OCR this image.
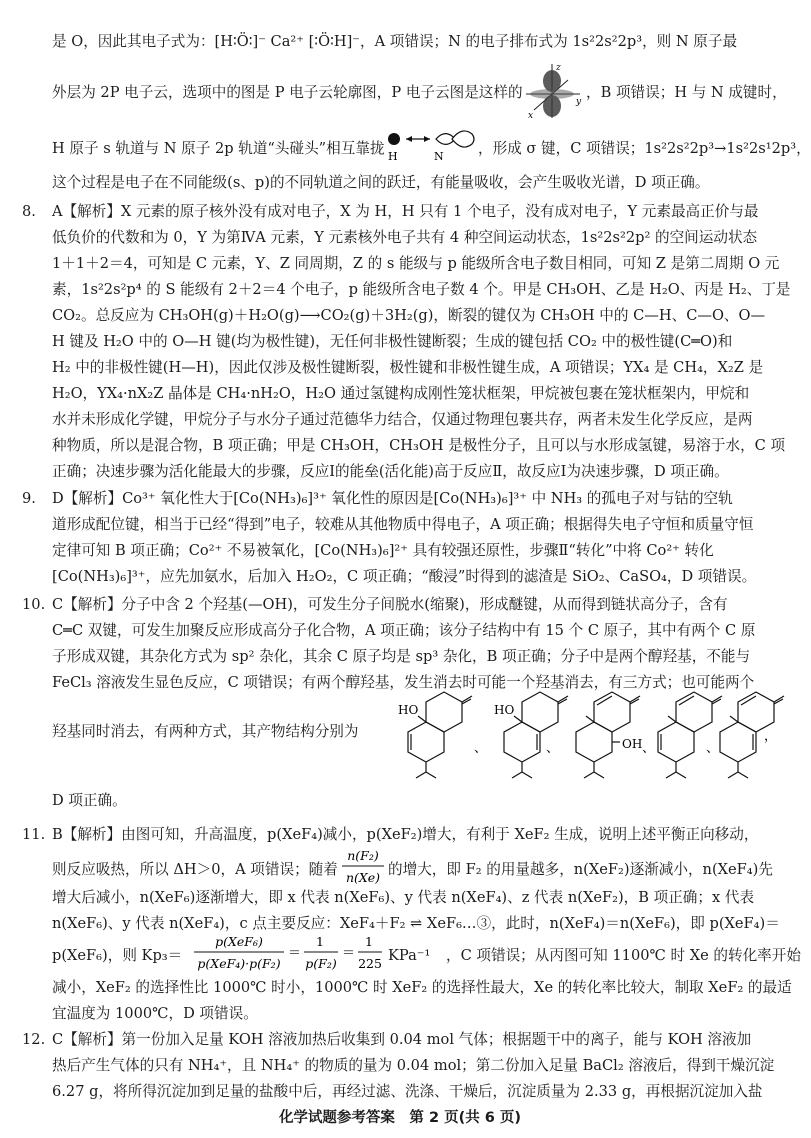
是 O，因此其电子式为：[H∶Ö∶]⁻ Ca²⁺ [∶Ö∶H]⁻，A 项错误；N 的电子排布式为 1s²2s²2p³，则 N 原子最
外层为 2P 电子云，选项中的图是 P 电子云轮廓图，P 电子云图是这样的
z
y
x
，B 项错误；H 与 N 成键时，
H 原子 s 轨道与 N 原子 2p 轨道“头碰头”相互靠拢 H	N ，形成 σ 键，C 项错误；1s²2s²2p³→1s²2s¹2p³，
这个过程是电子在不同能级(s、p)的不同轨道之间的跃迁，有能量吸收，会产生吸收光谱，D 项正确。
8. A【解析】X 元素的原子核外没有成对电子，X 为 H，H 只有 1 个电子，没有成对电子，Y 元素最高正价与最
低负价的代数和为 0，Y 为第ⅣA 元素，Y 元素核外电子共有 4 种空间运动状态，1s²2s²2p² 的空间运动状态
1＋1＋2＝4，可知是 C 元素，Y、Z 同周期，Z 的 s 能级与 p 能级所含电子数目相同，可知 Z 是第二周期 O 元
素，1s²2s²p⁴ 的 S 能级有 2＋2＝4 个电子，p 能级所含电子数 4 个。甲是 CH₃OH、乙是 H₂O、丙是 H₂、丁是
CO₂。总反应为 CH₃OH(g)＋H₂O(g)⟶CO₂(g)＋3H₂(g)，断裂的键仅为 CH₃OH 中的 C—H、C—O、O—
H 键及 H₂O 中的 O—H 键(均为极性键)，无任何非极性键断裂；生成的键包括 CO₂ 中的极性键(C═O)和
H₂ 中的非极性键(H—H)，因此仅涉及极性键断裂，极性键和非极性键生成，A 项错误；YX₄ 是 CH₄，X₂Z 是
H₂O，YX₄·nX₂Z 晶体是 CH₄·nH₂O，H₂O 通过氢键构成刚性笼状框架，甲烷被包裹在笼状框架内，甲烷和
水并未形成化学键，甲烷分子与水分子通过范德华力结合，仅通过物理包裹共存，两者未发生化学反应，是两
种物质，所以是混合物，B 项正确；甲是 CH₃OH，CH₃OH 是极性分子，且可以与水形成氢键，易溶于水，C 项
正确；决速步骤为活化能最大的步骤，反应Ⅰ的能垒(活化能)高于反应Ⅱ，故反应Ⅰ为决速步骤，D 项正确。
9. D【解析】Co³⁺ 氧化性大于[Co(NH₃)₆]³⁺ 氧化性的原因是[Co(NH₃)₆]³⁺ 中 NH₃ 的孤电子对与钴的空轨
道形成配位键，相当于已经“得到”电子，较难从其他物质中得电子，A 项正确；根据得失电子守恒和质量守恒
定律可知 B 项正确；Co²⁺ 不易被氧化，[Co(NH₃)₆]²⁺ 具有较强还原性，步骤Ⅱ“转化”中将 Co²⁺ 转化
[Co(NH₃)₆]³⁺，应先加氨水，后加入 H₂O₂，C 项正确；“酸浸”时得到的滤渣是 SiO₂、CaSO₄，D 项错误。
10. C【解析】分子中含 2 个羟基(—OH)，可发生分子间脱水(缩聚)，形成醚键，从而得到链状高分子，含有
C═C 双键，可发生加聚反应形成高分子化合物，A 项正确；该分子结构中有 15 个 C 原子，其中有两个 C 原
子形成双键，其杂化方式为 sp² 杂化，其余 C 原子均是 sp³ 杂化，B 项正确；分子中是两个醇羟基，不能与
FeCl₃ 溶液发生显色反应，C 项错误；有两个醇羟基，发生消去时可能一个羟基消去，有三方式；也可能两个
羟基同时消去，有两种方式，其产物结构分别为
HO	HO
OH
、	、	、	、
，
D 项正确。
11. B【解析】由图可知，升高温度，p(XeF₄)减小，p(XeF₂)增大，有利于 XeF₂ 生成，说明上述平衡正向移动，
则反应吸热，所以 ΔH＞0，A 项错误；随着
n(F₂)
n(Xe) 的增大，即 F₂ 的用量越多，n(XeF₂)逐渐减小，n(XeF₄)先
增大后减小，n(XeF₆)逐渐增大，即 x 代表 n(XeF₆)、y 代表 n(XeF₄)、z 代表 n(XeF₂)，B 项正确；x 代表
n(XeF₆)、y 代表 n(XeF₄)，c 点主要反应：XeF₄＋F₂ ⇌ XeF₆…③，此时，n(XeF₄)＝n(XeF₆)，即 p(XeF₄)＝
p(XeF₆)，则 Kp₃＝
p(XeF₆)
p(XeF₄)·p(F₂)
＝
1
p(F₂)
＝
1
225 KPa⁻¹	，C 项错误；从丙图可知 1100℃ 时 Xe 的转化率开始
减小，XeF₂ 的选择性比 1000℃ 时小，1000℃ 时 XeF₂ 的选择性最大，Xe 的转化率比较大，制取 XeF₂ 的最适
宜温度为 1000℃，D 项错误。
12. C【解析】第一份加入足量 KOH 溶液加热后收集到 0.04 mol 气体；根据题干中的离子，能与 KOH 溶液加
热后产生气体的只有 NH₄⁺，且 NH₄⁺ 的物质的量为 0.04 mol；第二份加入足量 BaCl₂ 溶液后，得到干燥沉淀
6.27 g，将所得沉淀加到足量的盐酸中后，再经过滤、洗涤、干燥后，沉淀质量为 2.33 g，再根据沉淀加入盐
化学试题参考答案　第 2 页(共 6 页)
